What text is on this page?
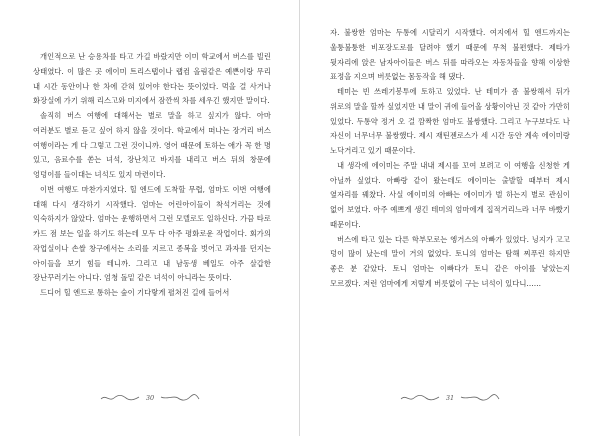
개인적으로 난 승용차를 타고 가길 바랐지만 이미 학교에서 버스를 빌린 상태였다. 이 많은 곳 에이미 트리스탭이나 랩컴 올림같은 예쁜이랑 무리 내 시간 동안이나 한 차에 갇혀 있어야 한다는 뜻이었다. 먹을 걸 사거나 화장실에 가기 위해 리스고와 미지에서 잠깐씩 차를 세우긴 했지만 말이다.

솔직히 버스 여행에 대해서는 별로 말을 하고 싶지가 않다. 아마 여러분도 별로 듣고 싶어 하지 않을 것이다. 학교에서 떠나는 장거리 버스 여행이라는 게 다 그렇고 그런 것이니까. 영어 때문에 토하는 애가 꼭 한 명 있고, 음료수를 쏟는 녀석, 장난치고 바지를 내리고 버스 뒤의 창문에 엉덩이를 들이대는 녀석도 있지 마련이다.

이번 여행도 마찬가지였다. 힐 엔드에 도착할 무렵, 엄마도 이번 여행에 대해 다시 생각하기 시작했다. 엄마는 어린아이들이 착석거리는 것에 익숙하지가 않았다. 엄마는 운행하면서 그런 모델로도 일하신다. 가끔 타로 카드 점 보는 일을 하기도 하는데 모두 다 아주 평화로운 작업이다. 회가의 작업실이나 손쌀 창구에서는 소리를 지르고 종복을 벗어고 과자를 던지는 아이들을 보기 힘들 테니까. 그리고 내 남동생 베일도 아주 살갑한 장난꾸러기는 아니다. 엄청 돌밑 같은 녀석이 아니라는 뜻이다.

드디어 힐 엔드로 통하는 숲이 기다랗게 펼쳐진 길에 들어서

30

자. 불쌍한 엄마는 두통에 시달리기 시작했다. 여지에서 힐 엔드까지는 울퉁불퉁한 비포장도로를 달려야 했기 때문에 무척 불편했다. 제타가 뒷자리에 앉은 남자아이들은 버스 뒤를 따라오는 자동차들을 향해 이상한 표정을 지으며 버릇없는 몸동작을 해 댔다.

테미는 빈 쓰레기봉투에 토하고 있었다. 난 테미가 좀 불쌍해서 뒤가 위로의 말을 할까 싶었지만 내 말이 귀에 들어올 상황이아닌 것 같아 가만히 있었다. 두통약 정거 오 걸 깜짝한 엄마도 불쌍했다. 그리고 누구보다도 나 자신이 너무너무 불쌍했다. 제시 재틴젠로스가 세 시간 동안 계속 에이미랑 노닥거리고 있기 때문이다.

내 생각에 에이미는 주말 내내 제시를 꼬여 보려고 이 여행을 신청한 게 아닐까 싶었다. 아빠랑 같이 왔는데도 에이미는 출발할 때부터 제시 옆자리를 꿰찼다. 사실 에이미의 아빠는 에이미가 벌 하는지 별로 관심이 없어 보였다. 아주 예쁘게 생긴 테미의 엄마에게 집적거리느라 너무 바빴기 때문이다.

버스에 타고 있는 다른 학부모로는 엥거스의 아빠가 있었다. 닝지가 고고 덩이 많이 났는데 말이 거의 없었다. 토니의 엄마는 탐해 찌푸린 하지만 좋은 분 같았다. 토니 엄마는 이빠다가 토니 같은 아이를 낳았는지 모르겠다. 저런 엄마에게 저렇게 버릇없이 구는 녀석이 있다니……

31
